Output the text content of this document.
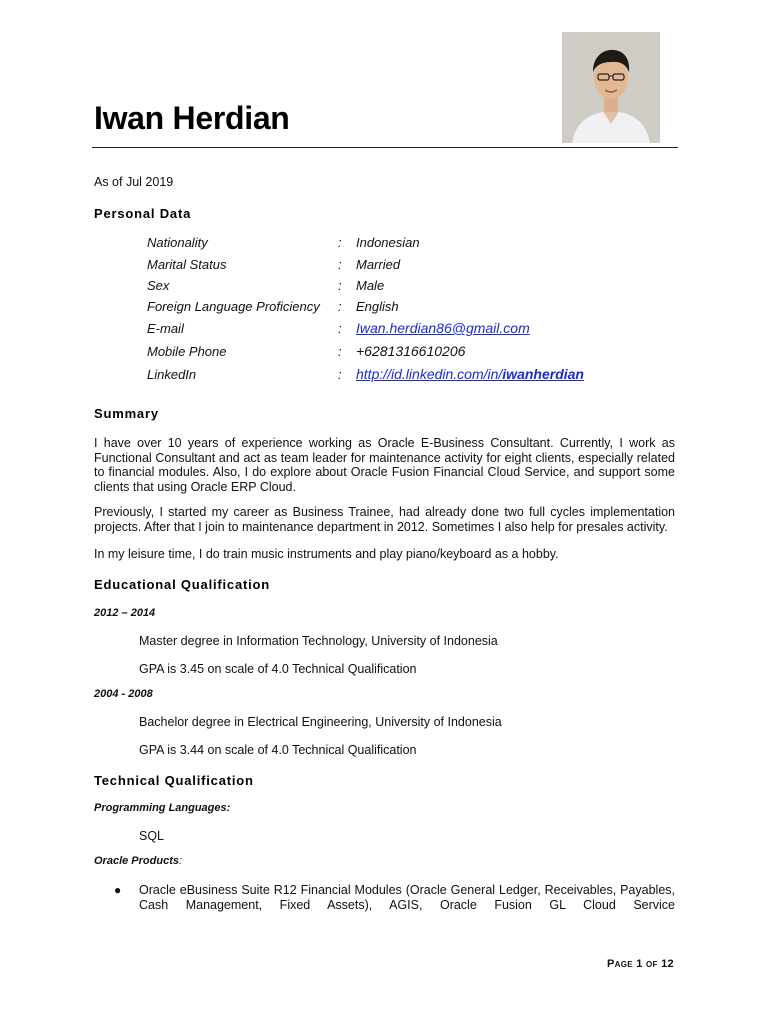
Iwan Herdian
As of Jul 2019
Personal Data
Nationality	: Indonesian
Marital Status	: Married
Sex	: Male
Foreign Language Proficiency : English
E-mail	: Iwan.herdian86@gmail.com
Mobile Phone	: +6281316610206
LinkedIn	: http://id.linkedin.com/in/iwanherdian
Summary
I have over 10 years of experience working as Oracle E-Business Consultant. Currently, I work as Functional Consultant and act as team leader for maintenance activity for eight clients, especially related to financial modules. Also, I do explore about Oracle Fusion Financial Cloud Service, and support some clients that using Oracle ERP Cloud.
Previously, I started my career as Business Trainee, had already done two full cycles implementation projects. After that I join to maintenance department in 2012. Sometimes I also help for presales activity.
In my leisure time, I do train music instruments and play piano/keyboard as a hobby.
Educational Qualification
2012 – 2014
Master degree in Information Technology, University of Indonesia
GPA is 3.45 on scale of 4.0 Technical Qualification
2004 - 2008
Bachelor degree in Electrical Engineering, University of Indonesia
GPA is 3.44 on scale of 4.0 Technical Qualification
Technical Qualification
Programming Languages:
SQL
Oracle Products:
● Oracle eBusiness Suite R12 Financial Modules (Oracle General Ledger, Receivables, Payables, Cash Management, Fixed Assets), AGIS, Oracle Fusion GL Cloud Service
Page 1 of 12
